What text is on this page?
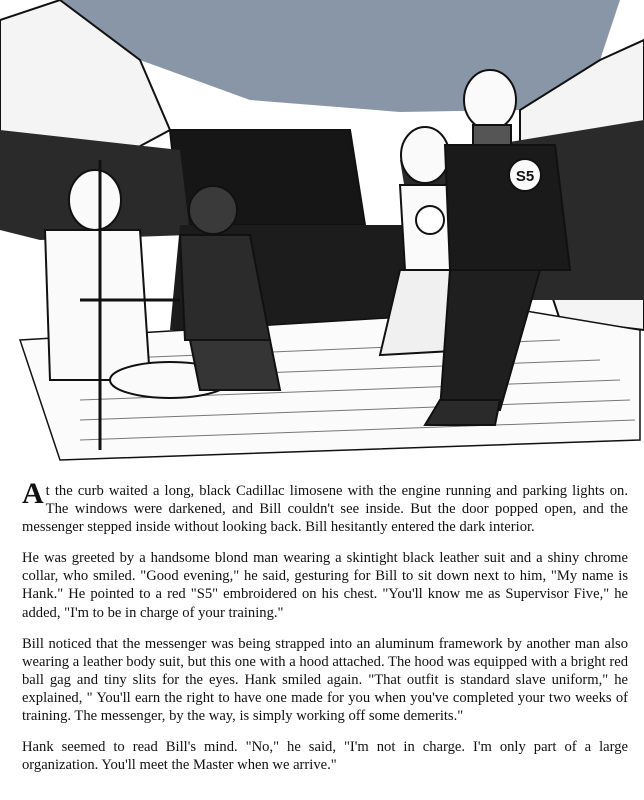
S5

At the curb waited a long, black Cadillac limosene with the engine running and parking lights on. The windows were darkened, and Bill couldn't see inside. But the door popped open, and the messenger stepped inside without looking back. Bill hesitantly entered the dark interior.

He was greeted by a handsome blond man wearing a skintight black leather suit and a shiny chrome collar, who smiled. "Good evening," he said, gesturing for Bill to sit down next to him, "My name is Hank." He pointed to a red "S5" embroidered on his chest. "You'll know me as Supervisor Five," he added, "I'm to be in charge of your training."

Bill noticed that the messenger was being strapped into an aluminum framework by another man also wearing a leather body suit, but this one with a hood attached. The hood was equipped with a bright red ball gag and tiny slits for the eyes. Hank smiled again. "That outfit is standard slave uniform," he explained, " You'll earn the right to have one made for you when you've completed your two weeks of training. The messenger, by the way, is simply working off some demerits."

Hank seemed to read Bill's mind. "No," he said, "I'm not in charge. I'm only part of a large organization. You'll meet the Master when we arrive."
